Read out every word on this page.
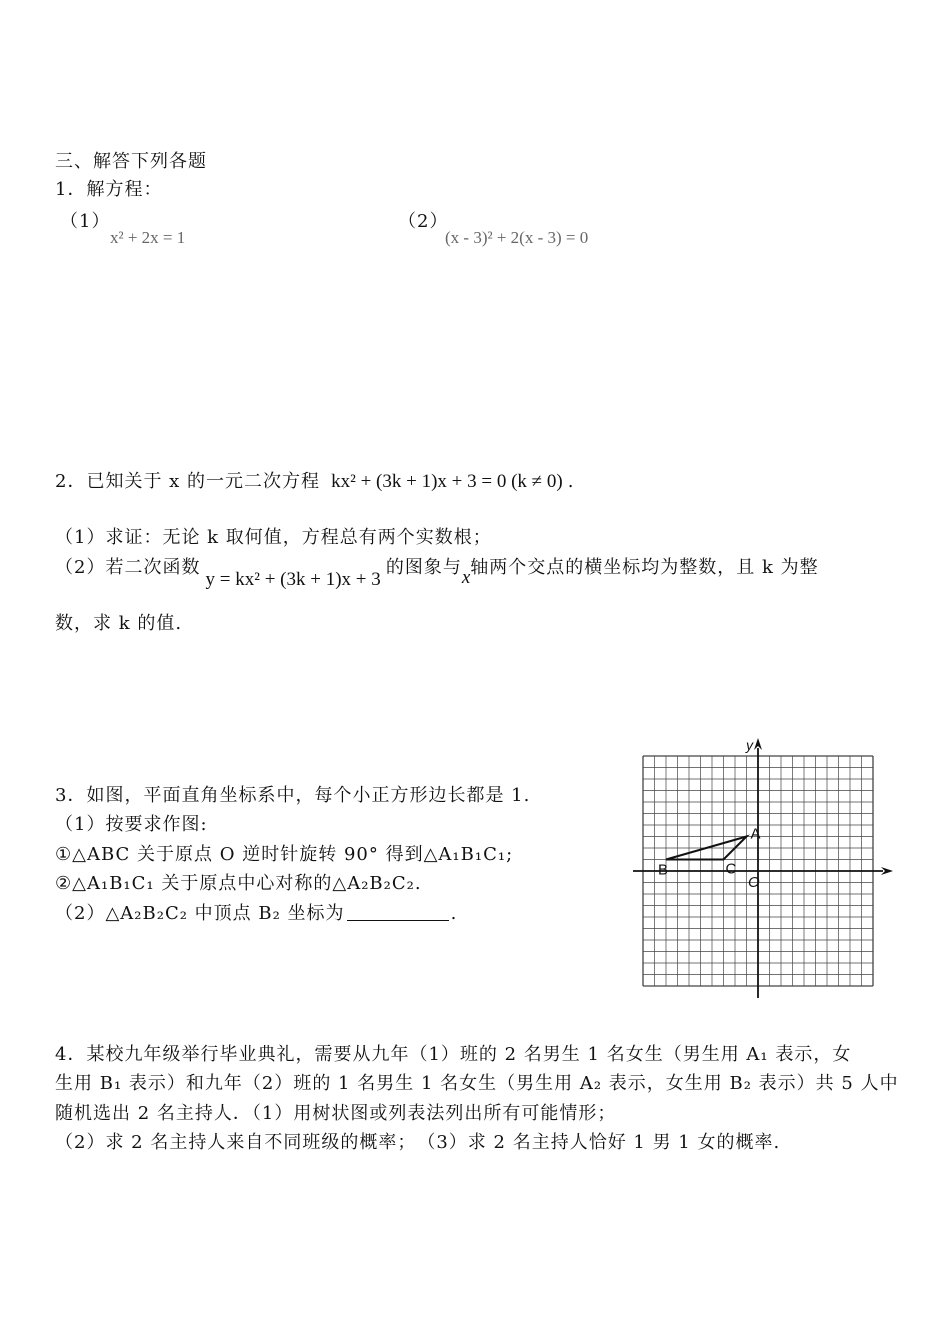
三、解答下列各题
1．解方程：
（1）
x² + 2x = 1
（2）
(x - 3)² + 2(x - 3) = 0
2．已知关于 x 的一元二次方程 kx² + (3k + 1)x + 3 = 0 (k ≠ 0) .
（1）求证：无论 k 取何值，方程总有两个实数根；
（2）若二次函数 y = kx² + (3k + 1)x + 3 的图象与x轴两个交点的横坐标均为整数，且 k 为整
数，求 k 的值.
3．如图，平面直角坐标系中，每个小正方形边长都是 1.
（1）按要求作图:
①△ABC 关于原点 O 逆时针旋转 90° 得到△A₁B₁C₁;
②△A₁B₁C₁ 关于原点中心对称的△A₂B₂C₂.
（2）△A₂B₂C₂ 中顶点 B₂ 坐标为	.
y
O
A
B	C
4．某校九年级举行毕业典礼，需要从九年（1）班的 2 名男生 1 名女生（男生用 A₁ 表示，女
生用 B₁ 表示）和九年（2）班的 1 名男生 1 名女生（男生用 A₂ 表示，女生用 B₂ 表示）共 5 人中
随机选出 2 名主持人．（1）用树状图或列表法列出所有可能情形；
（2）求 2 名主持人来自不同班级的概率；　（3）求 2 名主持人恰好 1 男 1 女的概率.
